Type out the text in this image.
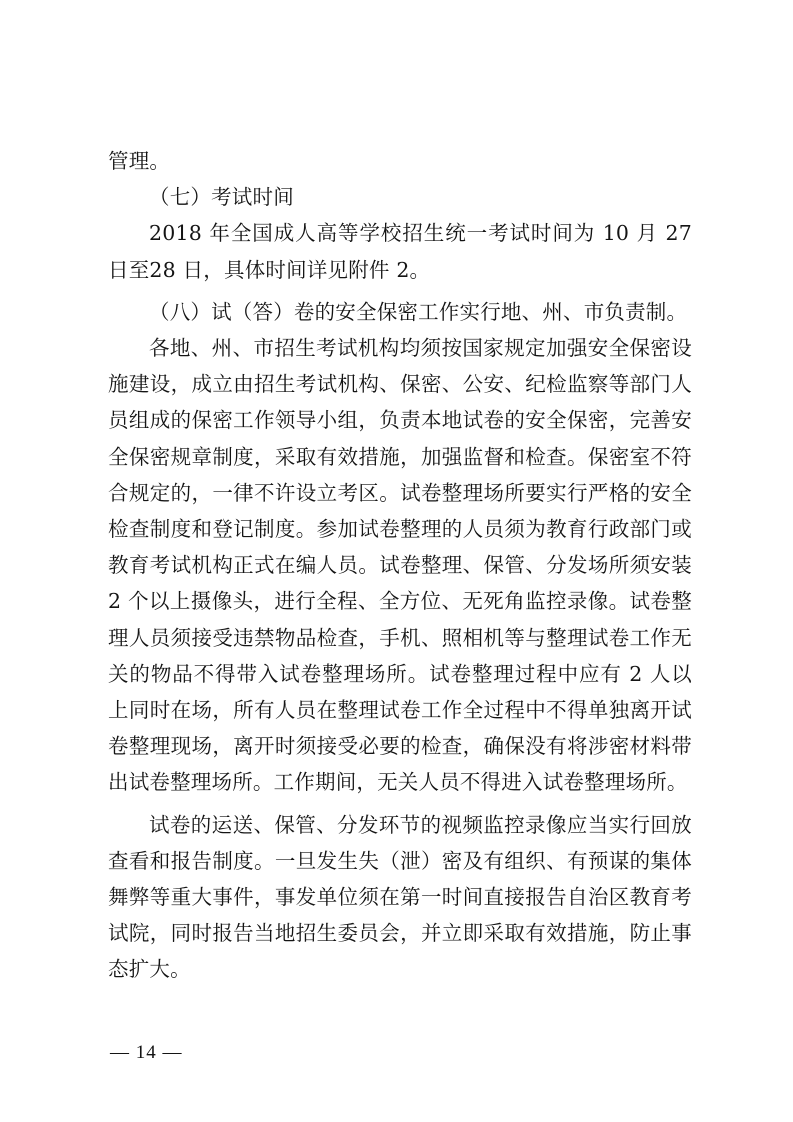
管理。

（七）考试时间

2018 年全国成人高等学校招生统一考试时间为 10 月 27 日至28 日，具体时间详见附件 2。

（八）试（答）卷的安全保密工作实行地、州、市负责制。

各地、州、市招生考试机构均须按国家规定加强安全保密设施建设，成立由招生考试机构、保密、公安、纪检监察等部门人员组成的保密工作领导小组，负责本地试卷的安全保密，完善安全保密规章制度，采取有效措施，加强监督和检查。保密室不符合规定的，一律不许设立考区。试卷整理场所要实行严格的安全检查制度和登记制度。参加试卷整理的人员须为教育行政部门或教育考试机构正式在编人员。试卷整理、保管、分发场所须安装 2 个以上摄像头，进行全程、全方位、无死角监控录像。试卷整理人员须接受违禁物品检查，手机、照相机等与整理试卷工作无关的物品不得带入试卷整理场所。试卷整理过程中应有 2 人以上同时在场，所有人员在整理试卷工作全过程中不得单独离开试卷整理现场，离开时须接受必要的检查，确保没有将涉密材料带出试卷整理场所。工作期间，无关人员不得进入试卷整理场所。

试卷的运送、保管、分发环节的视频监控录像应当实行回放查看和报告制度。一旦发生失（泄）密及有组织、有预谋的集体舞弊等重大事件，事发单位须在第一时间直接报告自治区教育考试院，同时报告当地招生委员会，并立即采取有效措施，防止事态扩大。

— 14 —
